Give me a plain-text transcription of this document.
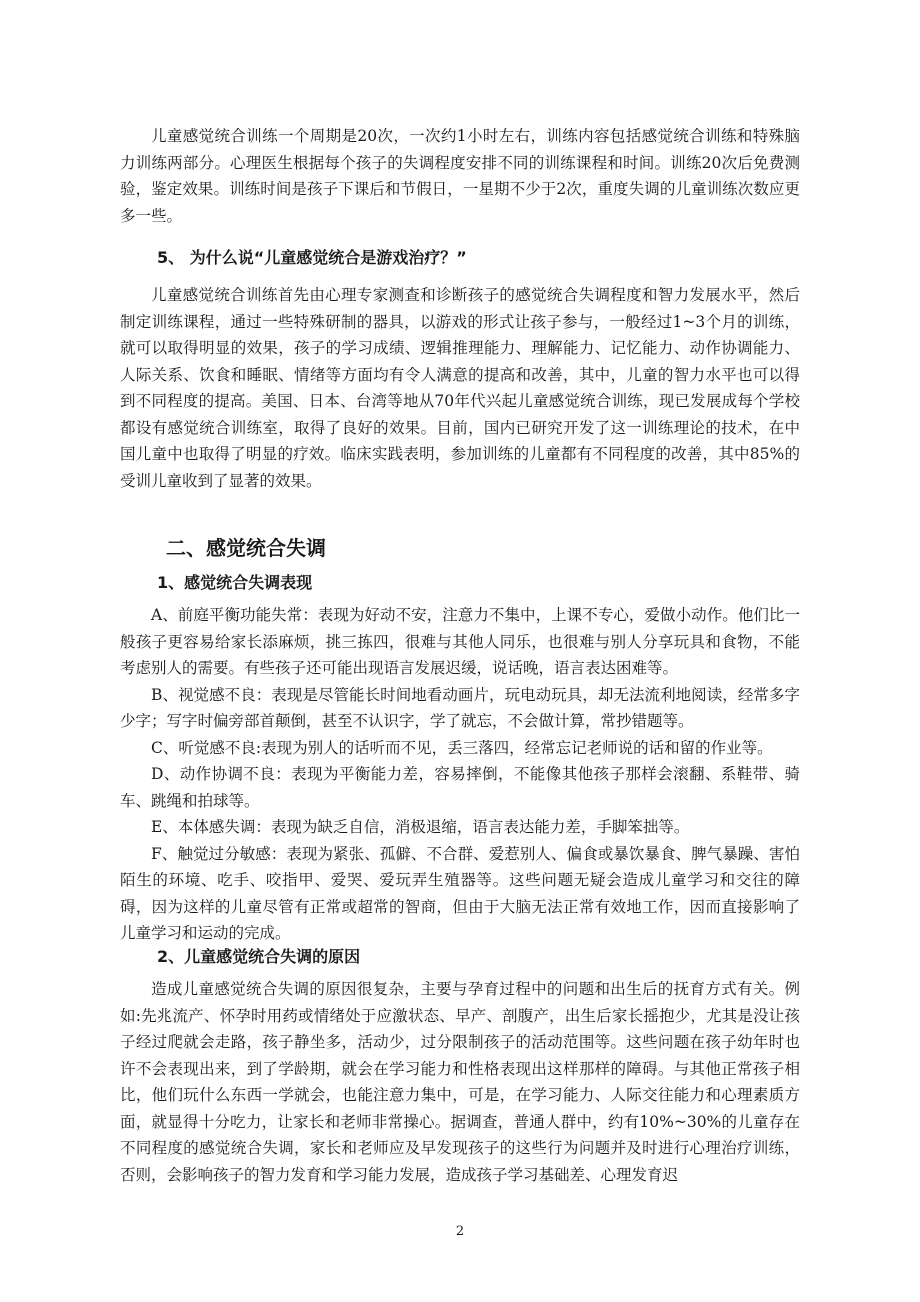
儿童感觉统合训练一个周期是20次，一次约1小时左右，训练内容包括感觉统合训练和特殊脑力训练两部分。心理医生根据每个孩子的失调程度安排不同的训练课程和时间。训练20次后免费测验，鉴定效果。训练时间是孩子下课后和节假日，一星期不少于2次，重度失调的儿童训练次数应更多一些。

5、 为什么说“儿童感觉统合是游戏治疗？”

儿童感觉统合训练首先由心理专家测查和诊断孩子的感觉统合失调程度和智力发展水平，然后制定训练课程，通过一些特殊研制的器具，以游戏的形式让孩子参与，一般经过1~3个月的训练，就可以取得明显的效果，孩子的学习成绩、逻辑推理能力、理解能力、记忆能力、动作协调能力、人际关系、饮食和睡眠、情绪等方面均有令人满意的提高和改善，其中，儿童的智力水平也可以得到不同程度的提高。美国、日本、台湾等地从70年代兴起儿童感觉统合训练，现已发展成每个学校都设有感觉统合训练室，取得了良好的效果。目前，国内已研究开发了这一训练理论的技术，在中国儿童中也取得了明显的疗效。临床实践表明，参加训练的儿童都有不同程度的改善，其中85%的受训儿童收到了显著的效果。

二、感觉统合失调
1、感觉统合失调表现

A、前庭平衡功能失常：表现为好动不安，注意力不集中，上课不专心，爱做小动作。他们比一般孩子更容易给家长添麻烦，挑三拣四，很难与其他人同乐，也很难与别人分享玩具和食物，不能考虑别人的需要。有些孩子还可能出现语言发展迟缓，说话晚，语言表达困难等。

B、视觉感不良：表现是尽管能长时间地看动画片，玩电动玩具，却无法流利地阅读，经常多字少字；写字时偏旁部首颠倒，甚至不认识字，学了就忘，不会做计算，常抄错题等。

C、听觉感不良:表现为别人的话听而不见，丢三落四，经常忘记老师说的话和留的作业等。

D、动作协调不良：表现为平衡能力差，容易摔倒，不能像其他孩子那样会滚翻、系鞋带、骑车、跳绳和拍球等。

E、本体感失调：表现为缺乏自信，消极退缩，语言表达能力差，手脚笨拙等。

F、触觉过分敏感：表现为紧张、孤僻、不合群、爱惹别人、偏食或暴饮暴食、脾气暴躁、害怕陌生的环境、吃手、咬指甲、爱哭、爱玩弄生殖器等。这些问题无疑会造成儿童学习和交往的障碍，因为这样的儿童尽管有正常或超常的智商，但由于大脑无法正常有效地工作，因而直接影响了儿童学习和运动的完成。

2、儿童感觉统合失调的原因

造成儿童感觉统合失调的原因很复杂，主要与孕育过程中的问题和出生后的抚育方式有关。例如:先兆流产、怀孕时用药或情绪处于应激状态、早产、剖腹产，出生后家长摇抱少，尤其是没让孩子经过爬就会走路，孩子静坐多，活动少，过分限制孩子的活动范围等。这些问题在孩子幼年时也许不会表现出来，到了学龄期，就会在学习能力和性格表现出这样那样的障碍。与其他正常孩子相比，他们玩什么东西一学就会，也能注意力集中，可是，在学习能力、人际交往能力和心理素质方面，就显得十分吃力，让家长和老师非常操心。据调查，普通人群中，约有10%~30%的儿童存在不同程度的感觉统合失调，家长和老师应及早发现孩子的这些行为问题并及时进行心理治疗训练，否则，会影响孩子的智力发育和学习能力发展，造成孩子学习基础差、心理发育迟

2
